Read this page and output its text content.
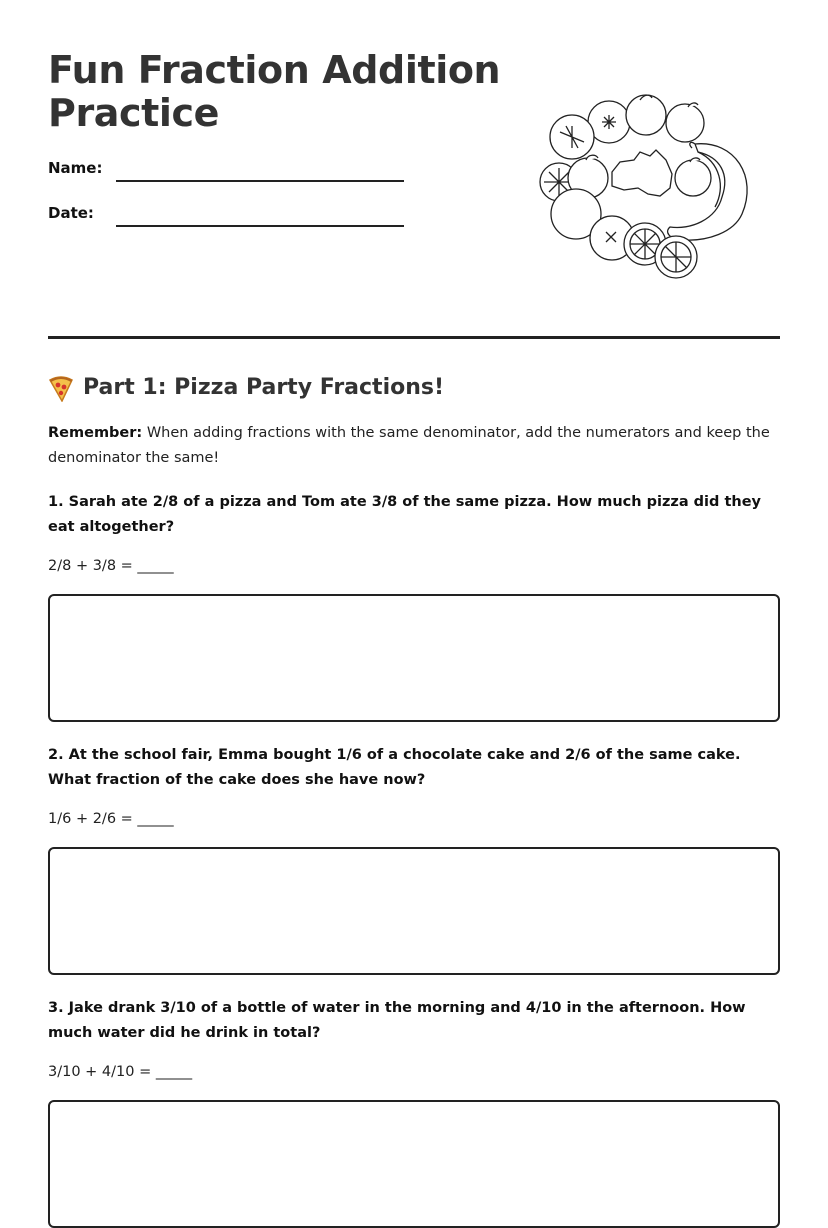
Fun Fraction Addition Practice
Name:
Date:
Part 1: Pizza Party Fractions!
Remember: When adding fractions with the same denominator, add the numerators and keep the denominator the same!
1. Sarah ate 2/8 of a pizza and Tom ate 3/8 of the same pizza. How much pizza did they eat altogether?
2/8 + 3/8 = _____
2. At the school fair, Emma bought 1/6 of a chocolate cake and 2/6 of the same cake. What fraction of the cake does she have now?
1/6 + 2/6 = _____
3. Jake drank 3/10 of a bottle of water in the morning and 4/10 in the afternoon. How much water did he drink in total?
3/10 + 4/10 = _____
